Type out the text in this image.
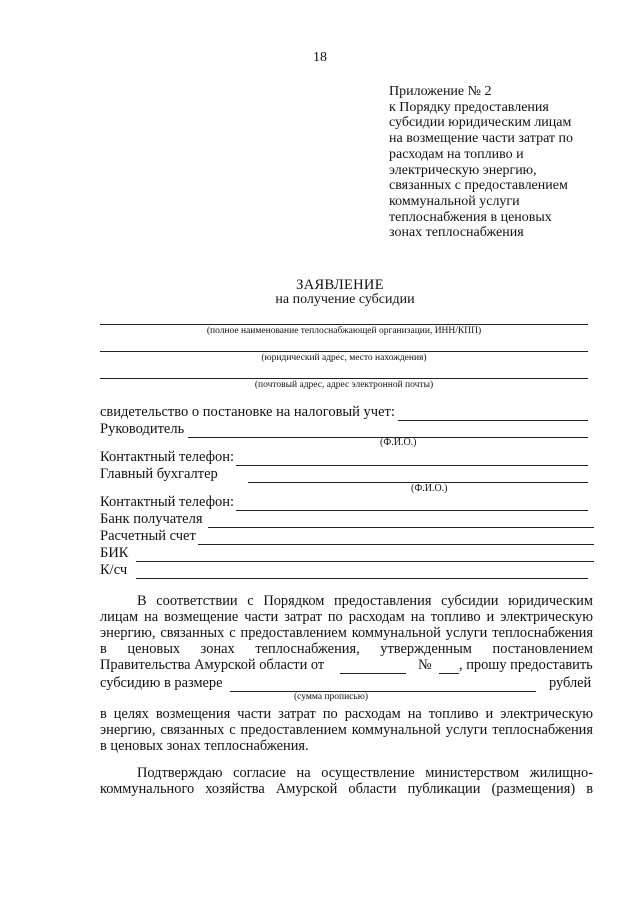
18
Приложение № 2
к Порядку предоставления
субсидии юридическим лицам
на возмещение части затрат по
расходам на топливо и
электрическую энергию,
связанных с предоставлением
коммунальной услуги
теплоснабжения в ценовых
зонах теплоснабжения
ЗАЯВЛЕНИЕ
на получение субсидии
(полное наименование теплоснабжающей организации, ИНН/КПП)
(юридический адрес, место нахождения)
(почтовый адрес, адрес электронной почты)
свидетельство о постановке на налоговый учет:
Руководитель
(Ф.И.О.)
Контактный телефон:
Главный бухгалтер
(Ф.И.О.)
Контактный телефон:
Банк получателя
Расчетный счет
БИК
К/сч
В соответствии с Порядком предоставления субсидии юридическим
лицам на возмещение части затрат по расходам на топливо и электрическую
энергию, связанных с предоставлением коммунальной услуги теплоснабжения
в ценовых зонах теплоснабжения, утвержденным постановлением
Правительства Амурской области от	№ , прошу предоставить
субсидию в размере	рублей
(сумма прописью)
в целях возмещения части затрат по расходам на топливо и электрическую
энергию, связанных с предоставлением коммунальной услуги теплоснабжения
в ценовых зонах теплоснабжения.
Подтверждаю согласие на осуществление министерством жилищно-
коммунального хозяйства Амурской области публикации (размещения) в
